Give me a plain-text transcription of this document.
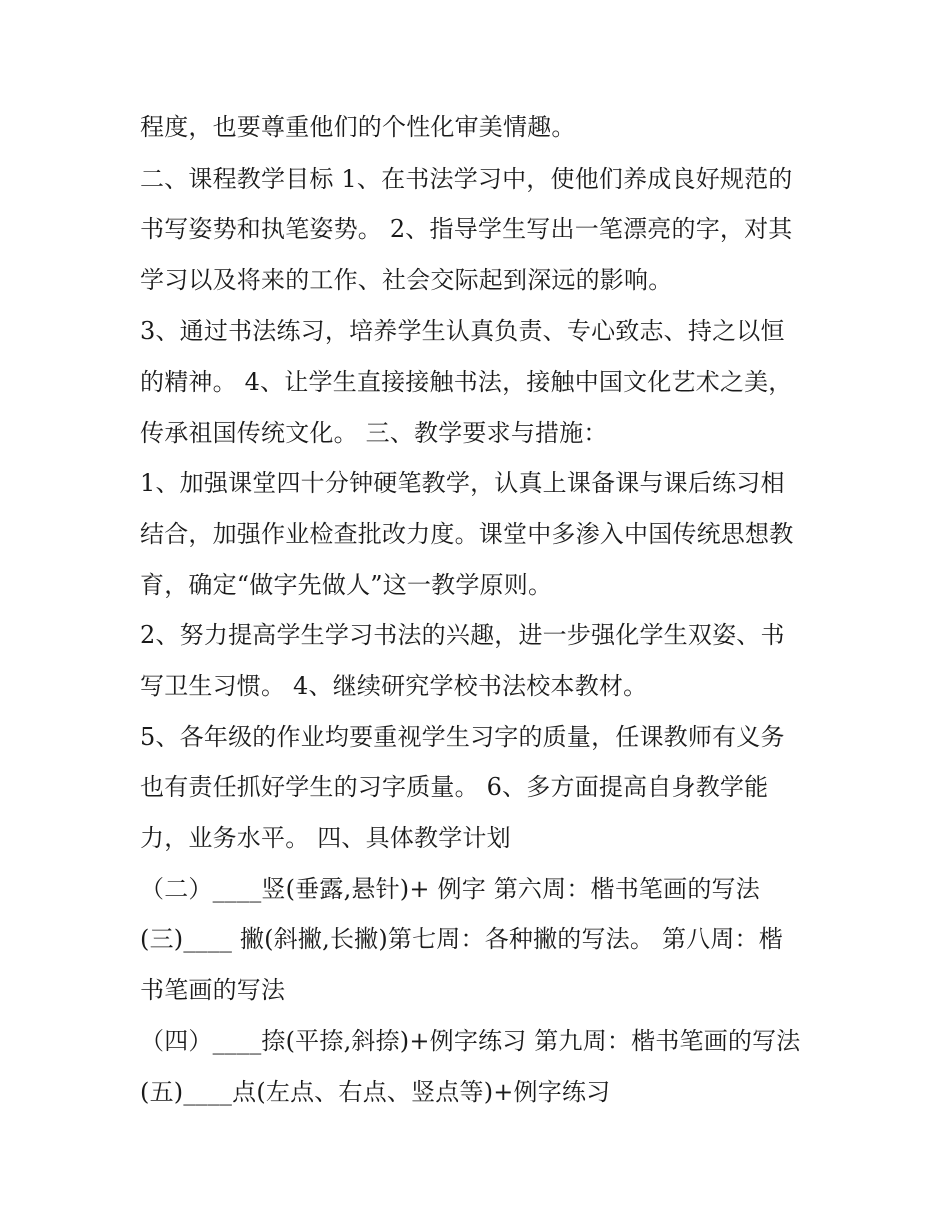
程度，也要尊重他们的个性化审美情趣。
二、课程教学目标 1、在书法学习中，使他们养成良好规范的
书写姿势和执笔姿势。 2、指导学生写出一笔漂亮的字，对其
学习以及将来的工作、社会交际起到深远的影响。
3、通过书法练习，培养学生认真负责、专心致志、持之以恒
的精神。 4、让学生直接接触书法，接触中国文化艺术之美，
传承祖国传统文化。 三、教学要求与措施：
1、加强课堂四十分钟硬笔教学，认真上课备课与课后练习相
结合，加强作业检查批改力度。课堂中多渗入中国传统思想教
育，确定“做字先做人”这一教学原则。
2、努力提高学生学习书法的兴趣，进一步强化学生双姿、书
写卫生习惯。 4、继续研究学校书法校本教材。
5、各年级的作业均要重视学生习字的质量，任课教师有义务
也有责任抓好学生的习字质量。 6、多方面提高自身教学能
力，业务水平。 四、具体教学计划
（二）____竖(垂露,悬针)+ 例字 第六周：楷书笔画的写法
(三)____ 撇(斜撇,长撇)第七周：各种撇的写法。 第八周：楷
书笔画的写法
（四）____捺(平捺,斜捺)+例字练习 第九周：楷书笔画的写法
(五)____点(左点、右点、竖点等)+例字练习
